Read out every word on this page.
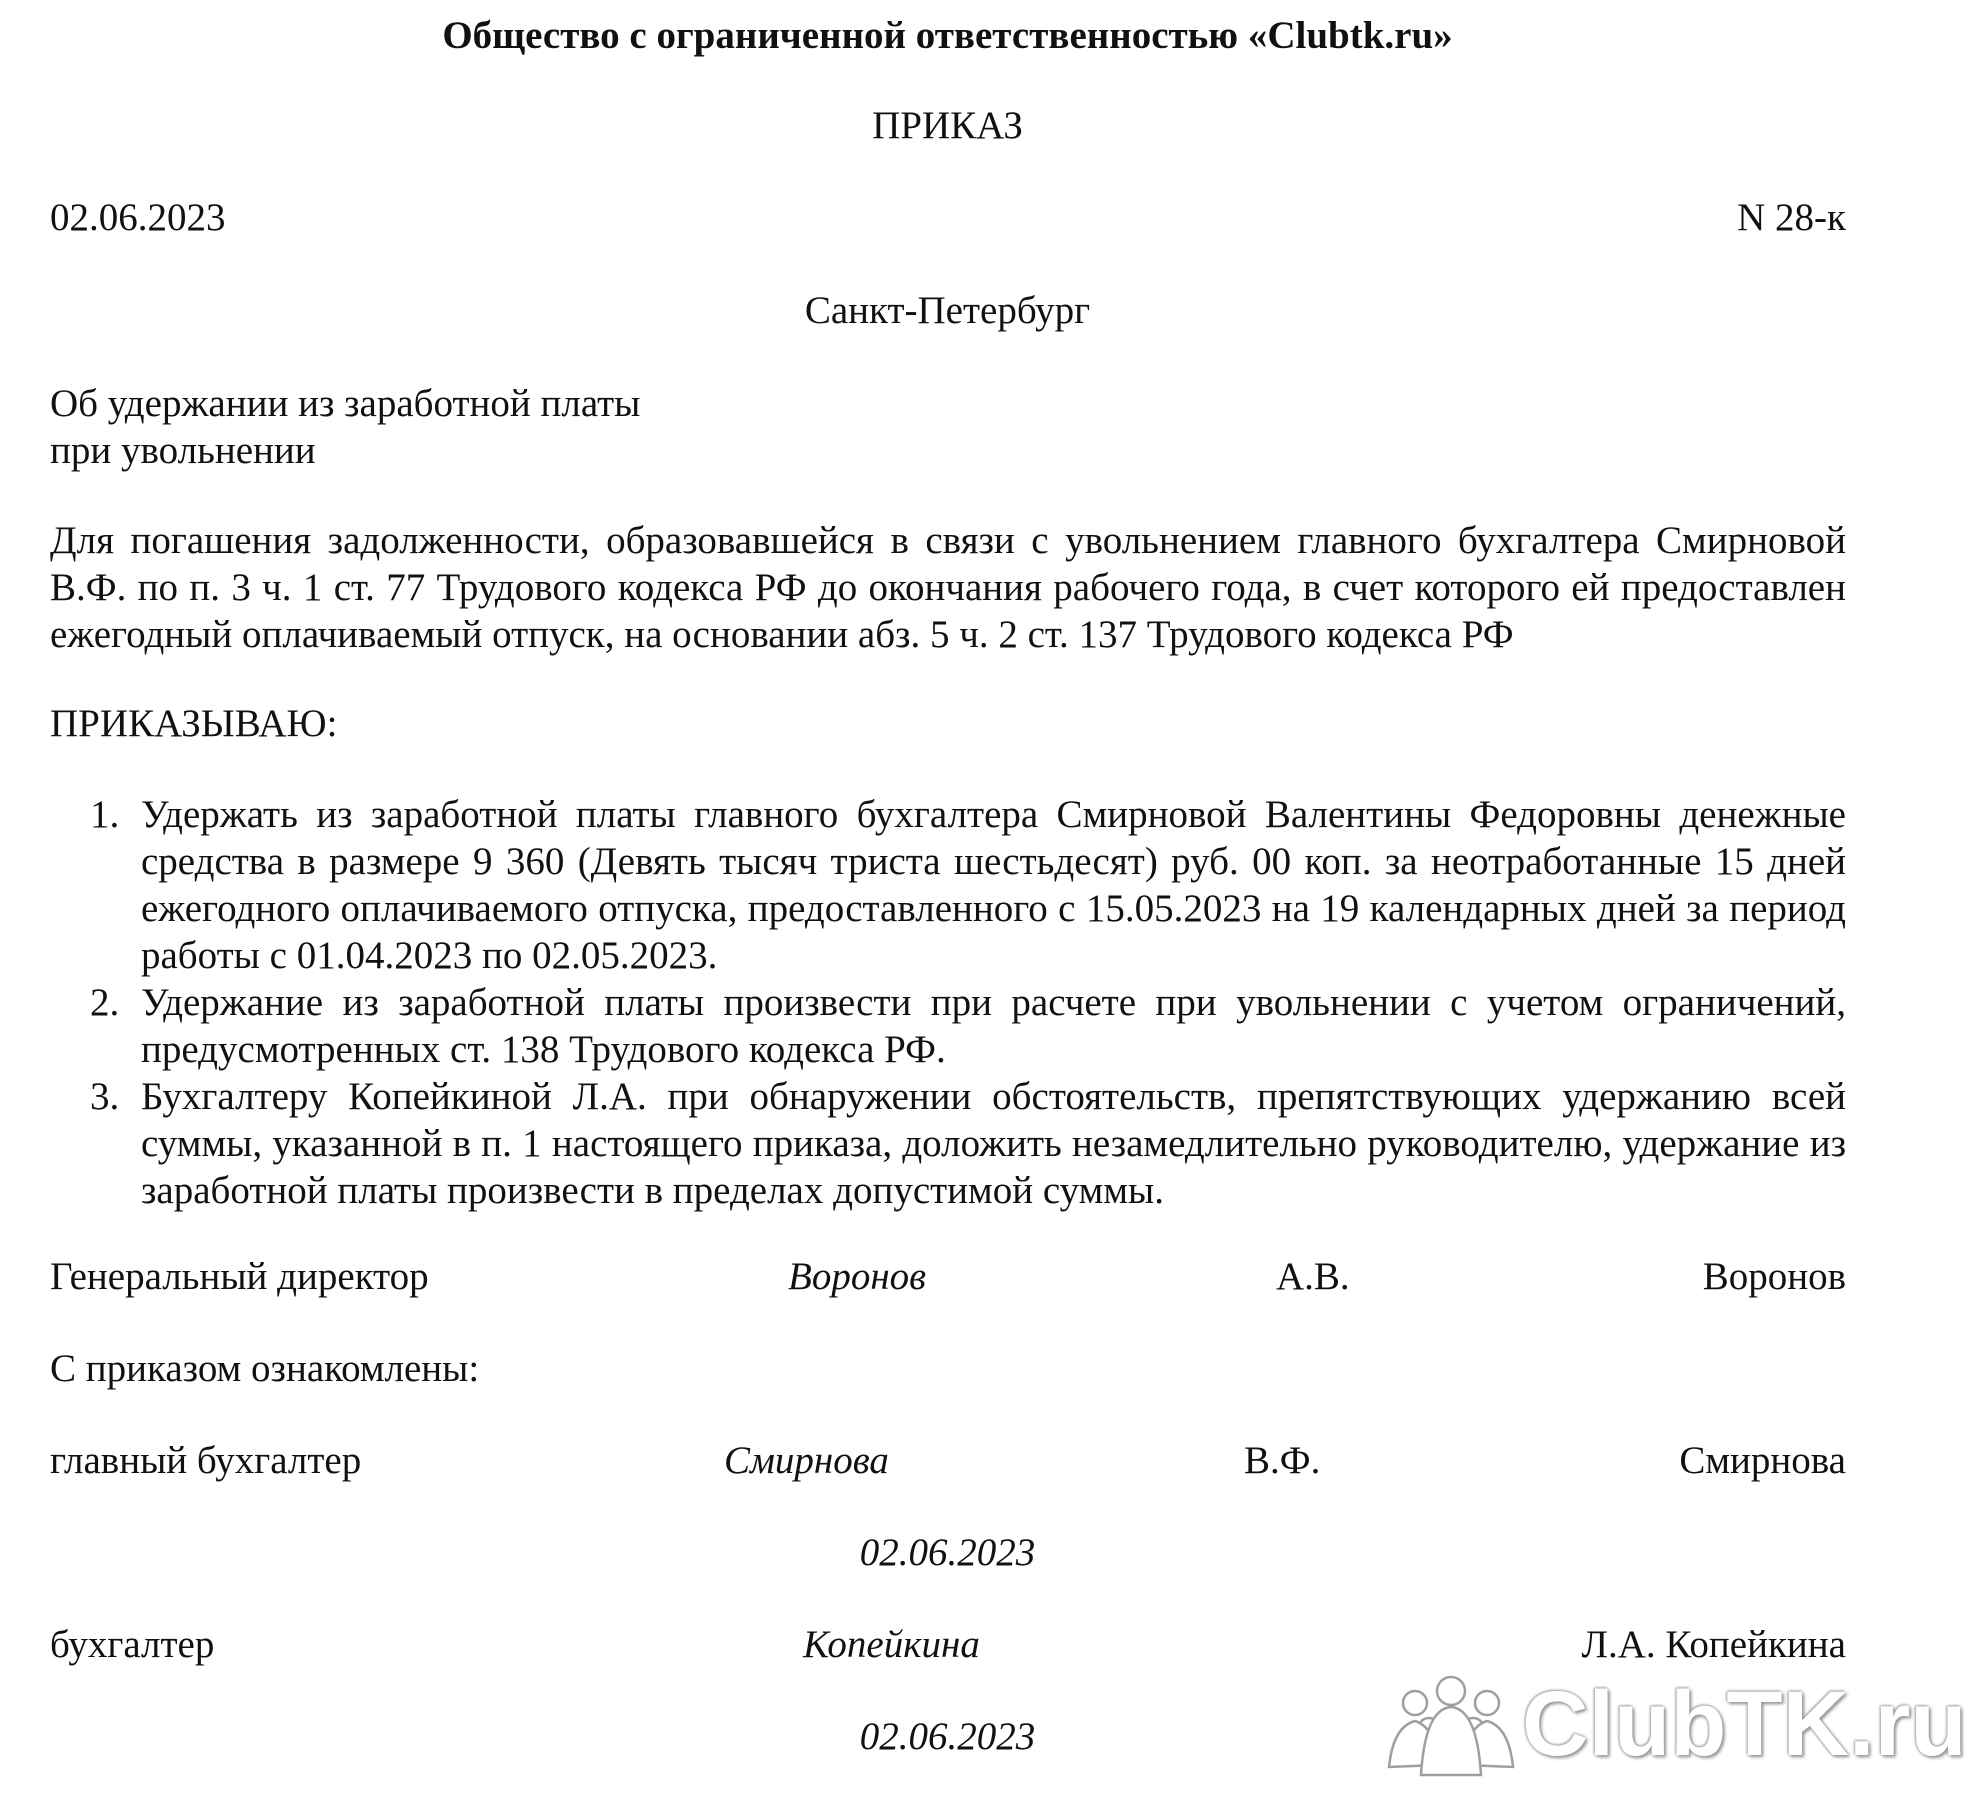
Общество с ограниченной ответственностью «Clubtk.ru»
ПРИКАЗ
02.06.2023	N 28-к
Санкт-Петербург
Об удержании из заработной платы
при увольнении
Для погашения задолженности, образовавшейся в связи с увольнением главного бухгалтера Смирновой В.Ф. по п. 3 ч. 1 ст. 77 Трудового кодекса РФ до окончания рабочего года, в счет которого ей предоставлен ежегодный оплачиваемый отпуск, на основании абз. 5 ч. 2 ст. 137 Трудового кодекса РФ
ПРИКАЗЫВАЮ:
1. Удержать из заработной платы главного бухгалтера Смирновой Валентины Федоровны денежные средства в размере 9 360 (Девять тысяч триста шестьдесят) руб. 00 коп. за неотработанные 15 дней ежегодного оплачиваемого отпуска, предоставленного с 15.05.2023 на 19 календарных дней за период работы с 01.04.2023 по 02.05.2023.
2. Удержание из заработной платы произвести при расчете при увольнении с учетом ограничений, предусмотренных ст. 138 Трудового кодекса РФ.
3. Бухгалтеру Копейкиной Л.А. при обнаружении обстоятельств, препятствующих удержанию всей суммы, указанной в п. 1 настоящего приказа, доложить незамедлительно руководителю, удержание из заработной платы произвести в пределах допустимой суммы.
Генеральный директор	Воронов	А.В.	Воронов
С приказом ознакомлены:
главный бухгалтер	Смирнова	В.Ф.	Смирнова
02.06.2023
бухгалтер	Копейкина	Л.А. Копейкина
02.06.2023	ClubTK.ru
